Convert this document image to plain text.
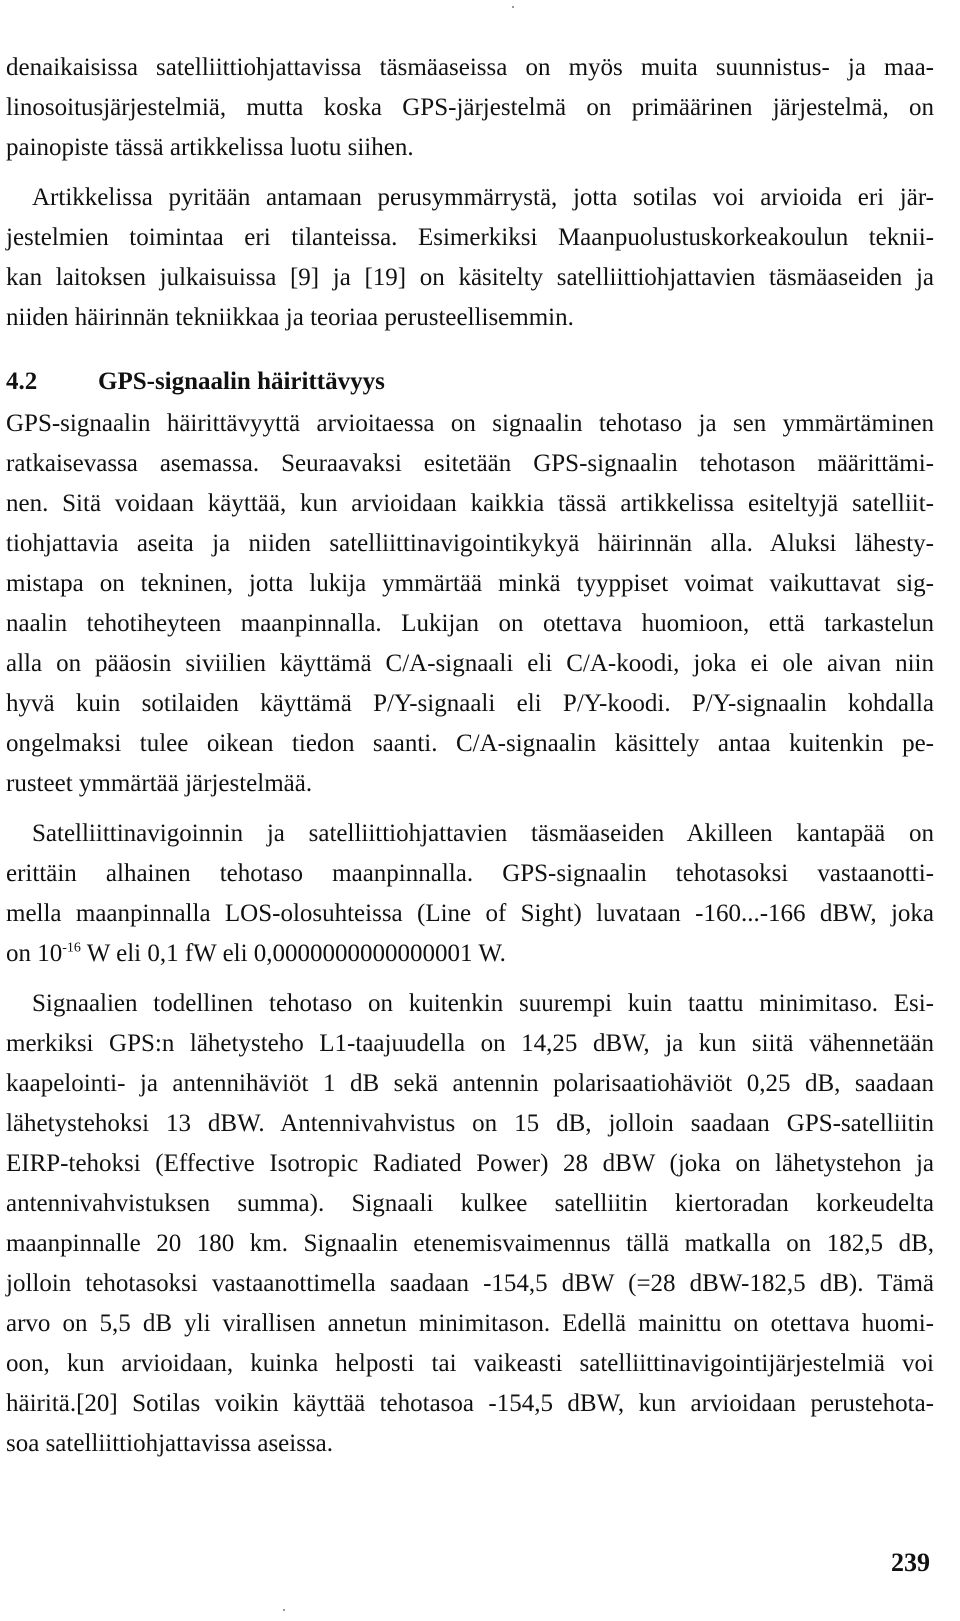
denaikaisissa satelliittiohjattavissa täsmäaseissa on myös muita suunnistus- ja maa-
linosoitusjärjestelmiä, mutta koska GPS-järjestelmä on primäärinen järjestelmä, on
painopiste tässä artikkelissa luotu siihen.
Artikkelissa pyritään antamaan perusymmärrystä, jotta sotilas voi arvioida eri jär-
jestelmien toimintaa eri tilanteissa. Esimerkiksi Maanpuolustuskorkeakoulun teknii-
kan laitoksen julkaisuissa [9] ja [19] on käsitelty satelliittiohjattavien täsmäaseiden ja
niiden häirinnän tekniikkaa ja teoriaa perusteellisemmin.
4.2	GPS-signaalin häirittävyys
GPS-signaalin häirittävyyttä arvioitaessa on signaalin tehotaso ja sen ymmärtäminen
ratkaisevassa asemassa. Seuraavaksi esitetään GPS-signaalin tehotason määrittämi-
nen. Sitä voidaan käyttää, kun arvioidaan kaikkia tässä artikkelissa esiteltyjä satelliit-
tiohjattavia aseita ja niiden satelliittinavigointikykyä häirinnän alla. Aluksi lähesty-
mistapa on tekninen, jotta lukija ymmärtää minkä tyyppiset voimat vaikuttavat sig-
naalin tehotiheyteen maanpinnalla. Lukijan on otettava huomioon, että tarkastelun
alla on pääosin siviilien käyttämä C/A-signaali eli C/A-koodi, joka ei ole aivan niin
hyvä kuin sotilaiden käyttämä P/Y-signaali eli P/Y-koodi. P/Y-signaalin kohdalla
ongelmaksi tulee oikean tiedon saanti. C/A-signaalin käsittely antaa kuitenkin pe-
rusteet ymmärtää järjestelmää.
Satelliittinavigoinnin ja satelliittiohjattavien täsmäaseiden Akilleen kantapää on
erittäin alhainen tehotaso maanpinnalla. GPS-signaalin tehotasoksi vastaanotti-
mella maanpinnalla LOS-olosuhteissa (Line of Sight) luvataan -160...-166 dBW, joka
on $10^{-16}$ W eli 0,1 fW eli 0,0000000000000001 W.
Signaalien todellinen tehotaso on kuitenkin suurempi kuin taattu minimitaso. Esi-
merkiksi GPS:n lähetysteho L1-taajuudella on 14,25 dBW, ja kun siitä vähennetään
kaapelointi- ja antennihäviöt 1 dB sekä antennin polarisaatiohäviöt 0,25 dB, saadaan
lähetystehoksi 13 dBW. Antennivahvistus on 15 dB, jolloin saadaan GPS-satelliitin
EIRP-tehoksi (Effective Isotropic Radiated Power) 28 dBW (joka on lähetystehon ja
antennivahvistuksen summa). Signaali kulkee satelliitin kiertoradan korkeudelta
maanpinnalle 20 180 km. Signaalin etenemisvaimennus tällä matkalla on 182,5 dB,
jolloin tehotasoksi vastaanottimella saadaan -154,5 dBW (=28 dBW-182,5 dB). Tämä
arvo on 5,5 dB yli virallisen annetun minimitason. Edellä mainittu on otettava huomi-
oon, kun arvioidaan, kuinka helposti tai vaikeasti satelliittinavigointijärjestelmiä voi
häiritä.[20] Sotilas voikin käyttää tehotasoa -154,5 dBW, kun arvioidaan perustehota-
soa satelliittiohjattavissa aseissa.
239
